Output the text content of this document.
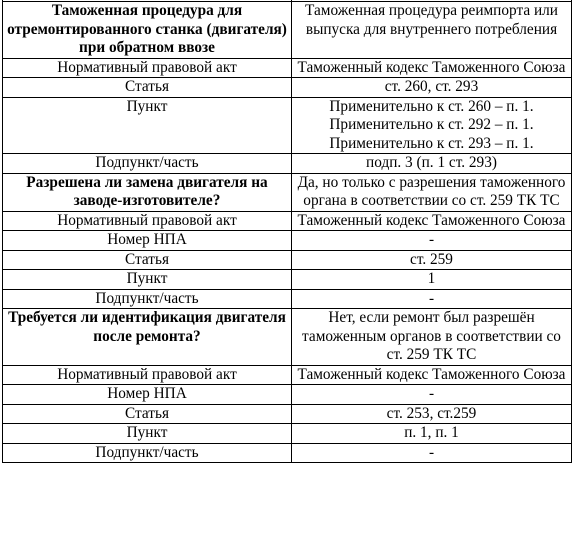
Таможенная процедура для отремонтированного станка (двигателя) при обратном ввозе	Таможенная процедура реимпорта или выпуска для внутреннего потребления
Нормативный правовой акт	Таможенный кодекс Таможенного Союза
Статья	ст. 260, ст. 293
Пункт	Применительно к ст. 260 – п. 1.
Применительно к ст. 292 – п. 1.
Применительно к ст. 293 – п. 1.

Подпункт/часть	подп. 3 (п. 1 ст. 293)
Разрешена ли замена двигателя на заводе-изготовителе?	Да, но только с разрешения таможенного органа в соответствии со ст. 259 ТК ТС
Нормативный правовой акт	Таможенный кодекс Таможенного Союза
Номер НПА	-
Статья	ст. 259
Пункт	1
Подпункт/часть	-
Требуется ли идентификация двигателя после ремонта?	Нет, если ремонт был разрешён таможенным органов в соответствии со ст. 259 ТК ТС
Нормативный правовой акт	Таможенный кодекс Таможенного Союза
Номер НПА	-
Статья	ст. 253, ст.259
Пункт	п. 1, п. 1
Подпункт/часть	-
